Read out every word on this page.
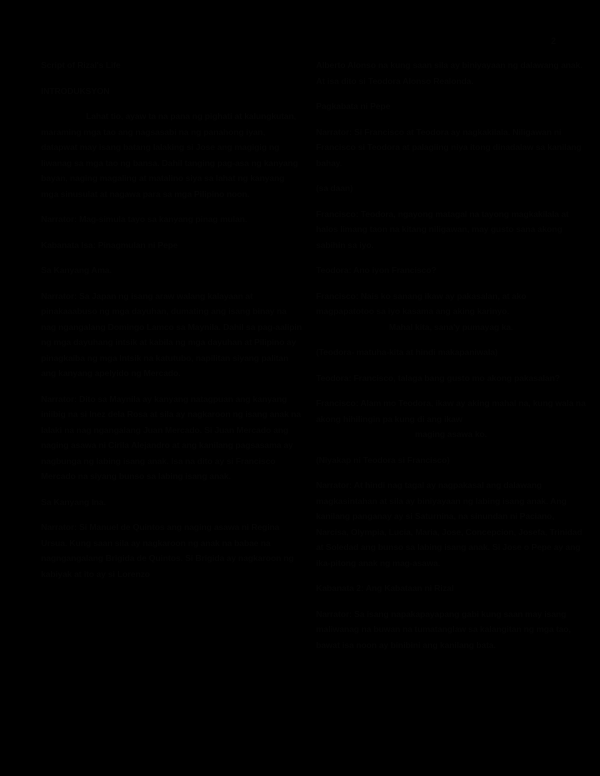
2

Script of Rizal's Life

INTRODUKSYON

Lahat tio, ayaw ta na pana ng pighati at kalungkutan, maraming mga tao ang nagsasabi na ng panahong iyan, datapwat may isang batang lalaking si Jose ang magigig ng liwanag sa mga tao ng bansa. Dahil tanging pag-asa ng kanyang bayan, naging magaling at matalino siya sa lahat ng kanyang mga sinusulat at nagawa para sa mga Pilipino noon.

Narrator: Mag-simula tayo sa kanyang pinag mulan.

Kabanata Isa: Pinagmulan ni Pepe

Sa Kanyang Ama.

Narrator: Sa Japan ng isang araw walang kalayaan at pinakaaabuso ng mga dayuhan, dumating ang isang binay na nag ngangalang Domingo Lamco sa Maynila. Dahil sa pag-aalipin ng mga dayuhang intsik at kabila ng mga dayuhan at Pilipino ay pinagkaiba ng mga Intsik na katutubo, napilitan siyang palitan ang kanyang apelyido ng Mercado.

Narrator: Dito sa Maynila ay kanyang natagpuan ang kanyang iniibig na si Inez dela Rosa at sila ay nagkaroon ng isang anak na lalaki na nag ngangalang Juan Mercado. Si Juan Mercado ang naging asawa ni Cirila Alejandro at ang kanilang pagsasama ay nagbunga ng labing isang anak. Isa na dito ay si Francisco Mercado na siyang bunso sa labing isang anak.

Sa Kanyang Ina.

Narrator: Si Manuel de Quintos ang naging asawa ni Regina Ursua. Kung saan sila ay nagkaroon ng anak na babae na nagngangalang Brigida de Quintos. Si Brigida ay nagkaroon ng kabiyak at ito ay si Lorenzo

Alberto Alonso na kung saan sila ay biniyayaan ng dalawang anak. At isa dito si Teodora Alonso Realonda.

Pagkabata ni Pepe

Narrator: Si Francisco at Teodora ay nagkakilala. Niligawan ni Francisco si Teodora at palagiing niya itong dinadalaw sa kanilang bahay.

(sa daan)

Francisco: Teodora, ngayong matagal na tayong magkakilala at halos limang taon na kitang niligawan, may gusto sana akong sabihin sa iyo.

Teodora: Ano iyon Francisco?

Francisco: Nais ko sanang ikaw ay pakasalan, at ako magpapatotoo sa iyo kasama ang aking karinyo.
Mahal kita, sana'y pumayag ka.

(Teodora- matuha-kita at hindi makapaniwala)

Teodora: Francisco, talaga bang gusto mo akong pakasalan?

Francisco: Alam mo Teodora, ikaw ay aking mahal na, kung wala na akong hihilingin pa kung di ang ikaw
maging asawa ko.

(Niyakap ni Teodora si Francisco)

Narrator: At hindi nag tagal ay nagpakasal ang dalawang magkasintahan at sila ay biniyayaan ng labing isang anak. Ang kanilang panganay ay si Saturnina, na sinundan ni Paciano, Narcisa, Olympia, Lucia, Maria, Jose, Concepcion, Josefa, Trinidad at Soledad ang bunso sa labing isang anak. Si Jose o Pepe ay ang ika-pitong anak ng mag-asawa.

Kabanata 2: Ang Kabataan ni Rizal

Narrator: Sa isang napakapayapang gabi kung saan may isang maliwanag na buwan na tumatanglaw sa kalangitan ng mga tao, bawat isa noon ay binibini ang kanilang bata.
